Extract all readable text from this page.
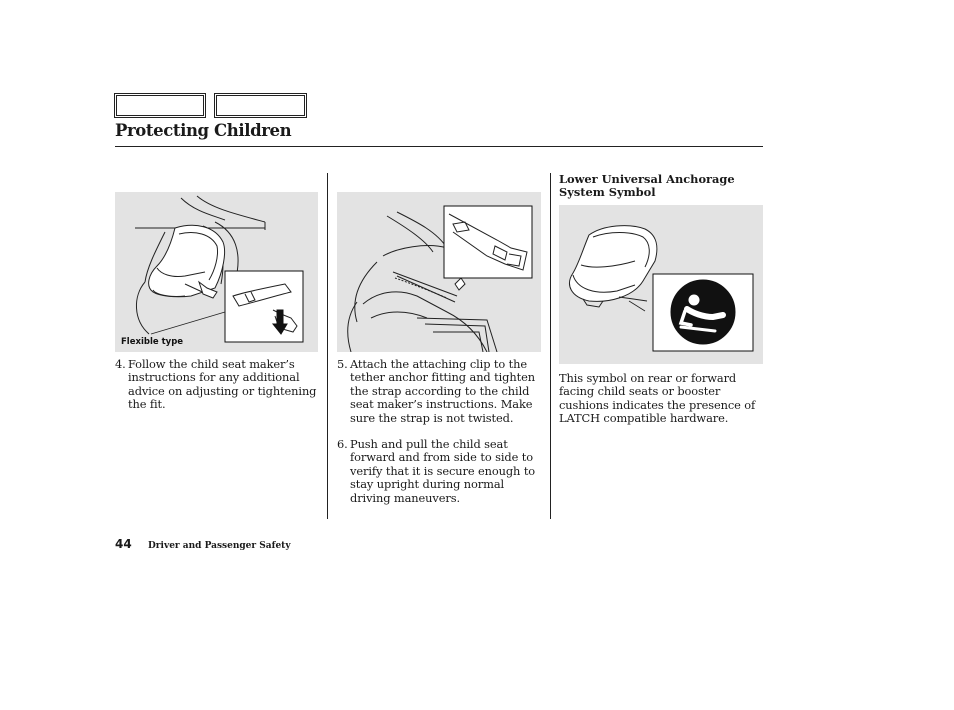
Protecting Children
Flexible type
Lower Universal Anchorage System Symbol
4. Follow the child seat maker’s instructions for any additional advice on adjusting or tightening the fit.
5. Attach the attaching clip to the tether anchor fitting and tighten the strap according to the child seat maker’s instructions. Make sure the strap is not twisted.
6. Push and pull the child seat forward and from side to side to verify that it is secure enough to stay upright during normal driving maneuvers.
This symbol on rear or forward facing child seats or booster cushions indicates the presence of LATCH compatible hardware.
44 Driver and Passenger Safety
